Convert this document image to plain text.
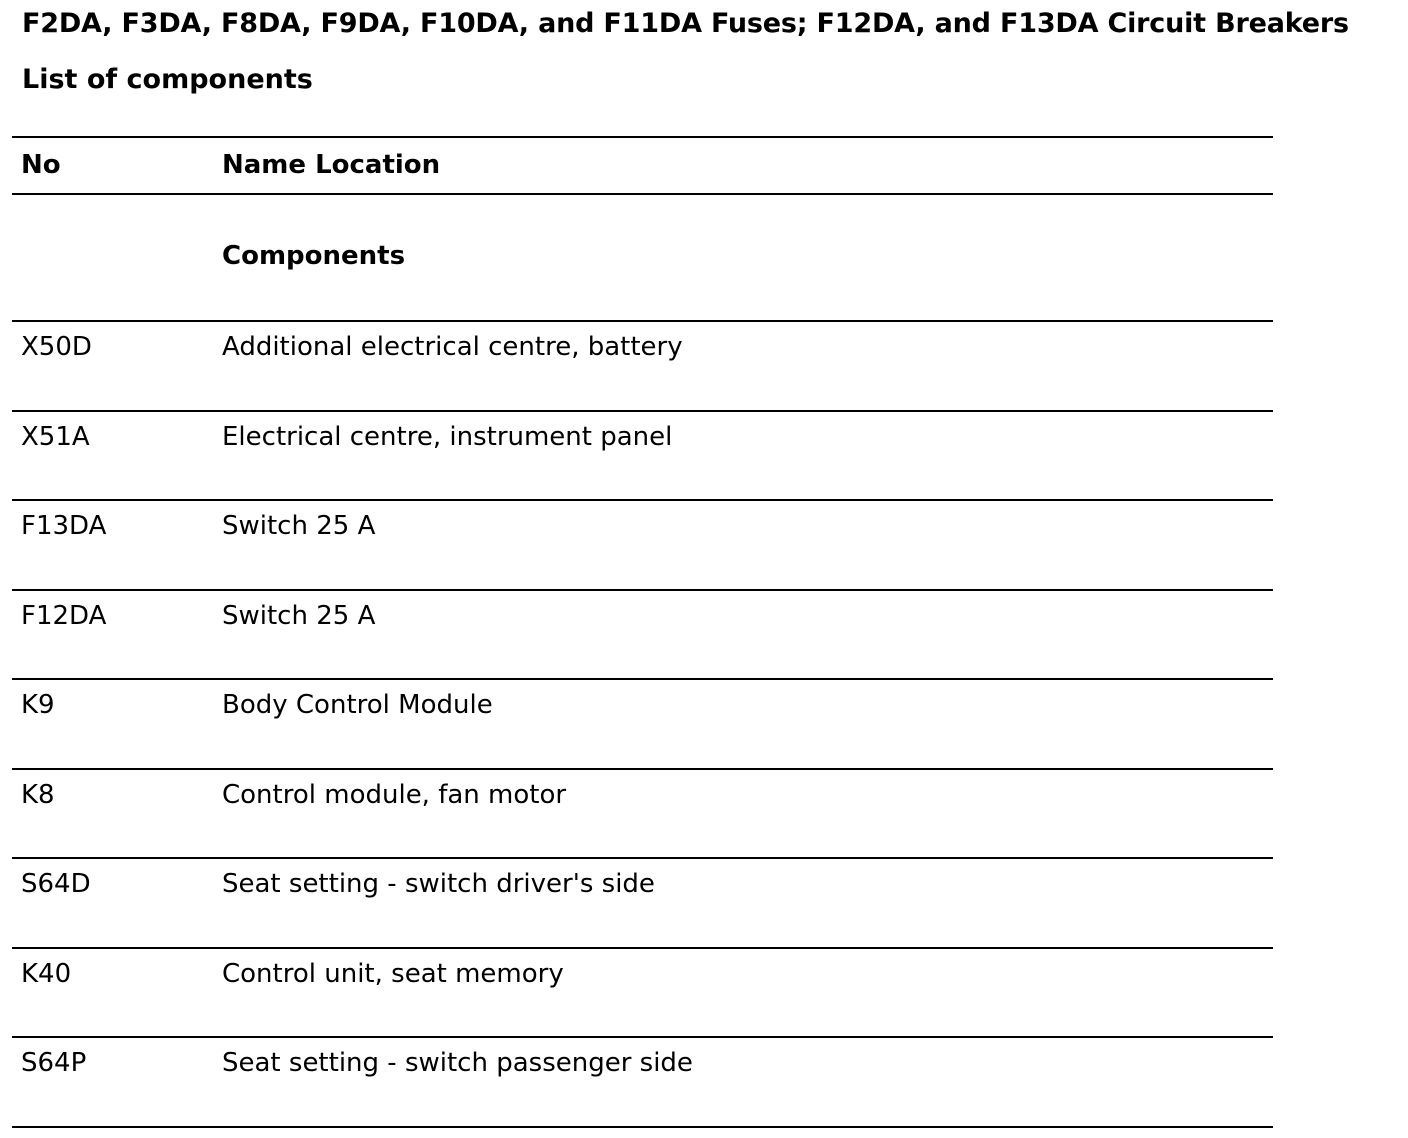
F2DA, F3DA, F8DA, F9DA, F10DA, and F11DA Fuses; F12DA, and F13DA Circuit Breakers
List of components
No	Name Location
Components
X50D	Additional electrical centre, battery
X51A	Electrical centre, instrument panel
F13DA	Switch 25 A
F12DA	Switch 25 A
K9	Body Control Module
K8	Control module, fan motor
S64D	Seat setting - switch driver's side
K40	Control unit, seat memory
S64P	Seat setting - switch passenger side
